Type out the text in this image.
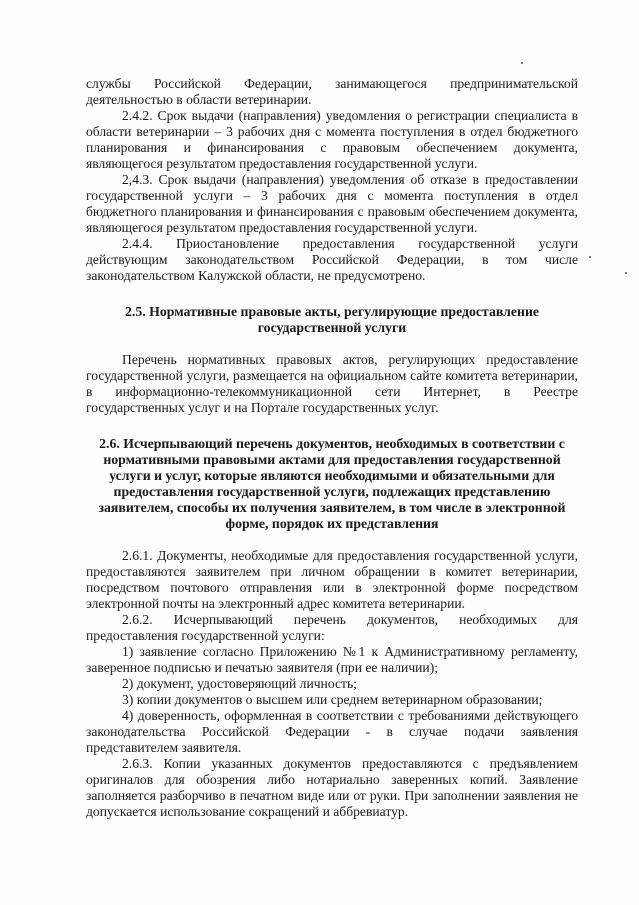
службы Российской Федерации, занимающегося предпринимательской деятельностью в области ветеринарии.

2.4.2. Срок выдачи (направления) уведомления о регистрации специалиста в области ветеринарии – 3 рабочих дня с момента поступления в отдел бюджетного планирования и финансирования с правовым обеспечением документа, являющегося результатом предоставления государственной услуги.

2,4.3. Срок выдачи (направления) уведомления об отказе в предоставлении государственной услуги – 3 рабочих дня с момента поступления в отдел бюджетного планирования и финансирования с правовым обеспечением документа, являющегося результатом предоставления государственной услуги.

2.4.4. Приостановление предоставления государственной услуги действующим законодательством Российской Федерации, в том числе законодательством Калужской области, не предусмотрено.

2.5. Нормативные правовые акты, регулирующие предоставление государственной услуги

Перечень нормативных правовых актов, регулирующих предоставление государственной услуги, размещается на официальном сайте комитета ветеринарии, в информационно-телекоммуникационной сети Интернет, в Реестре государственных услуг и на Портале государственных услуг.

2.6. Исчерпывающий перечень документов, необходимых в соответствии с нормативными правовыми актами для предоставления государственной услуги и услуг, которые являются необходимыми и обязательными для предоставления государственной услуги, подлежащих представлению заявителем, способы их получения заявителем, в том числе в электронной форме, порядок их представления

2.6.1. Документы, необходимые для предоставления государственной услуги, предоставляются заявителем при личном обращении в комитет ветеринарии, посредством почтового отправления или в электронной форме посредством электронной почты на электронный адрес комитета ветеринарии.

2.6.2. Исчерпывающий перечень документов, необходимых для предоставления государственной услуги:

1) заявление согласно Приложению №1 к Административному регламенту, заверенное подписью и печатью заявителя (при ее наличии);

2) документ, удостоверяющий личность;

3) копии документов о высшем или среднем ветеринарном образовании;

4) доверенность, оформленная в соответствии с требованиями действующего законодательства Российской Федерации - в случае подачи заявления представителем заявителя.

2.6.3. Копии указанных документов предоставляются с предъявлением оригиналов для обозрения либо нотариально заверенных копий. Заявление заполняется разборчиво в печатном виде или от руки. При заполнении заявления не допускается использование сокращений и аббревиатур.
